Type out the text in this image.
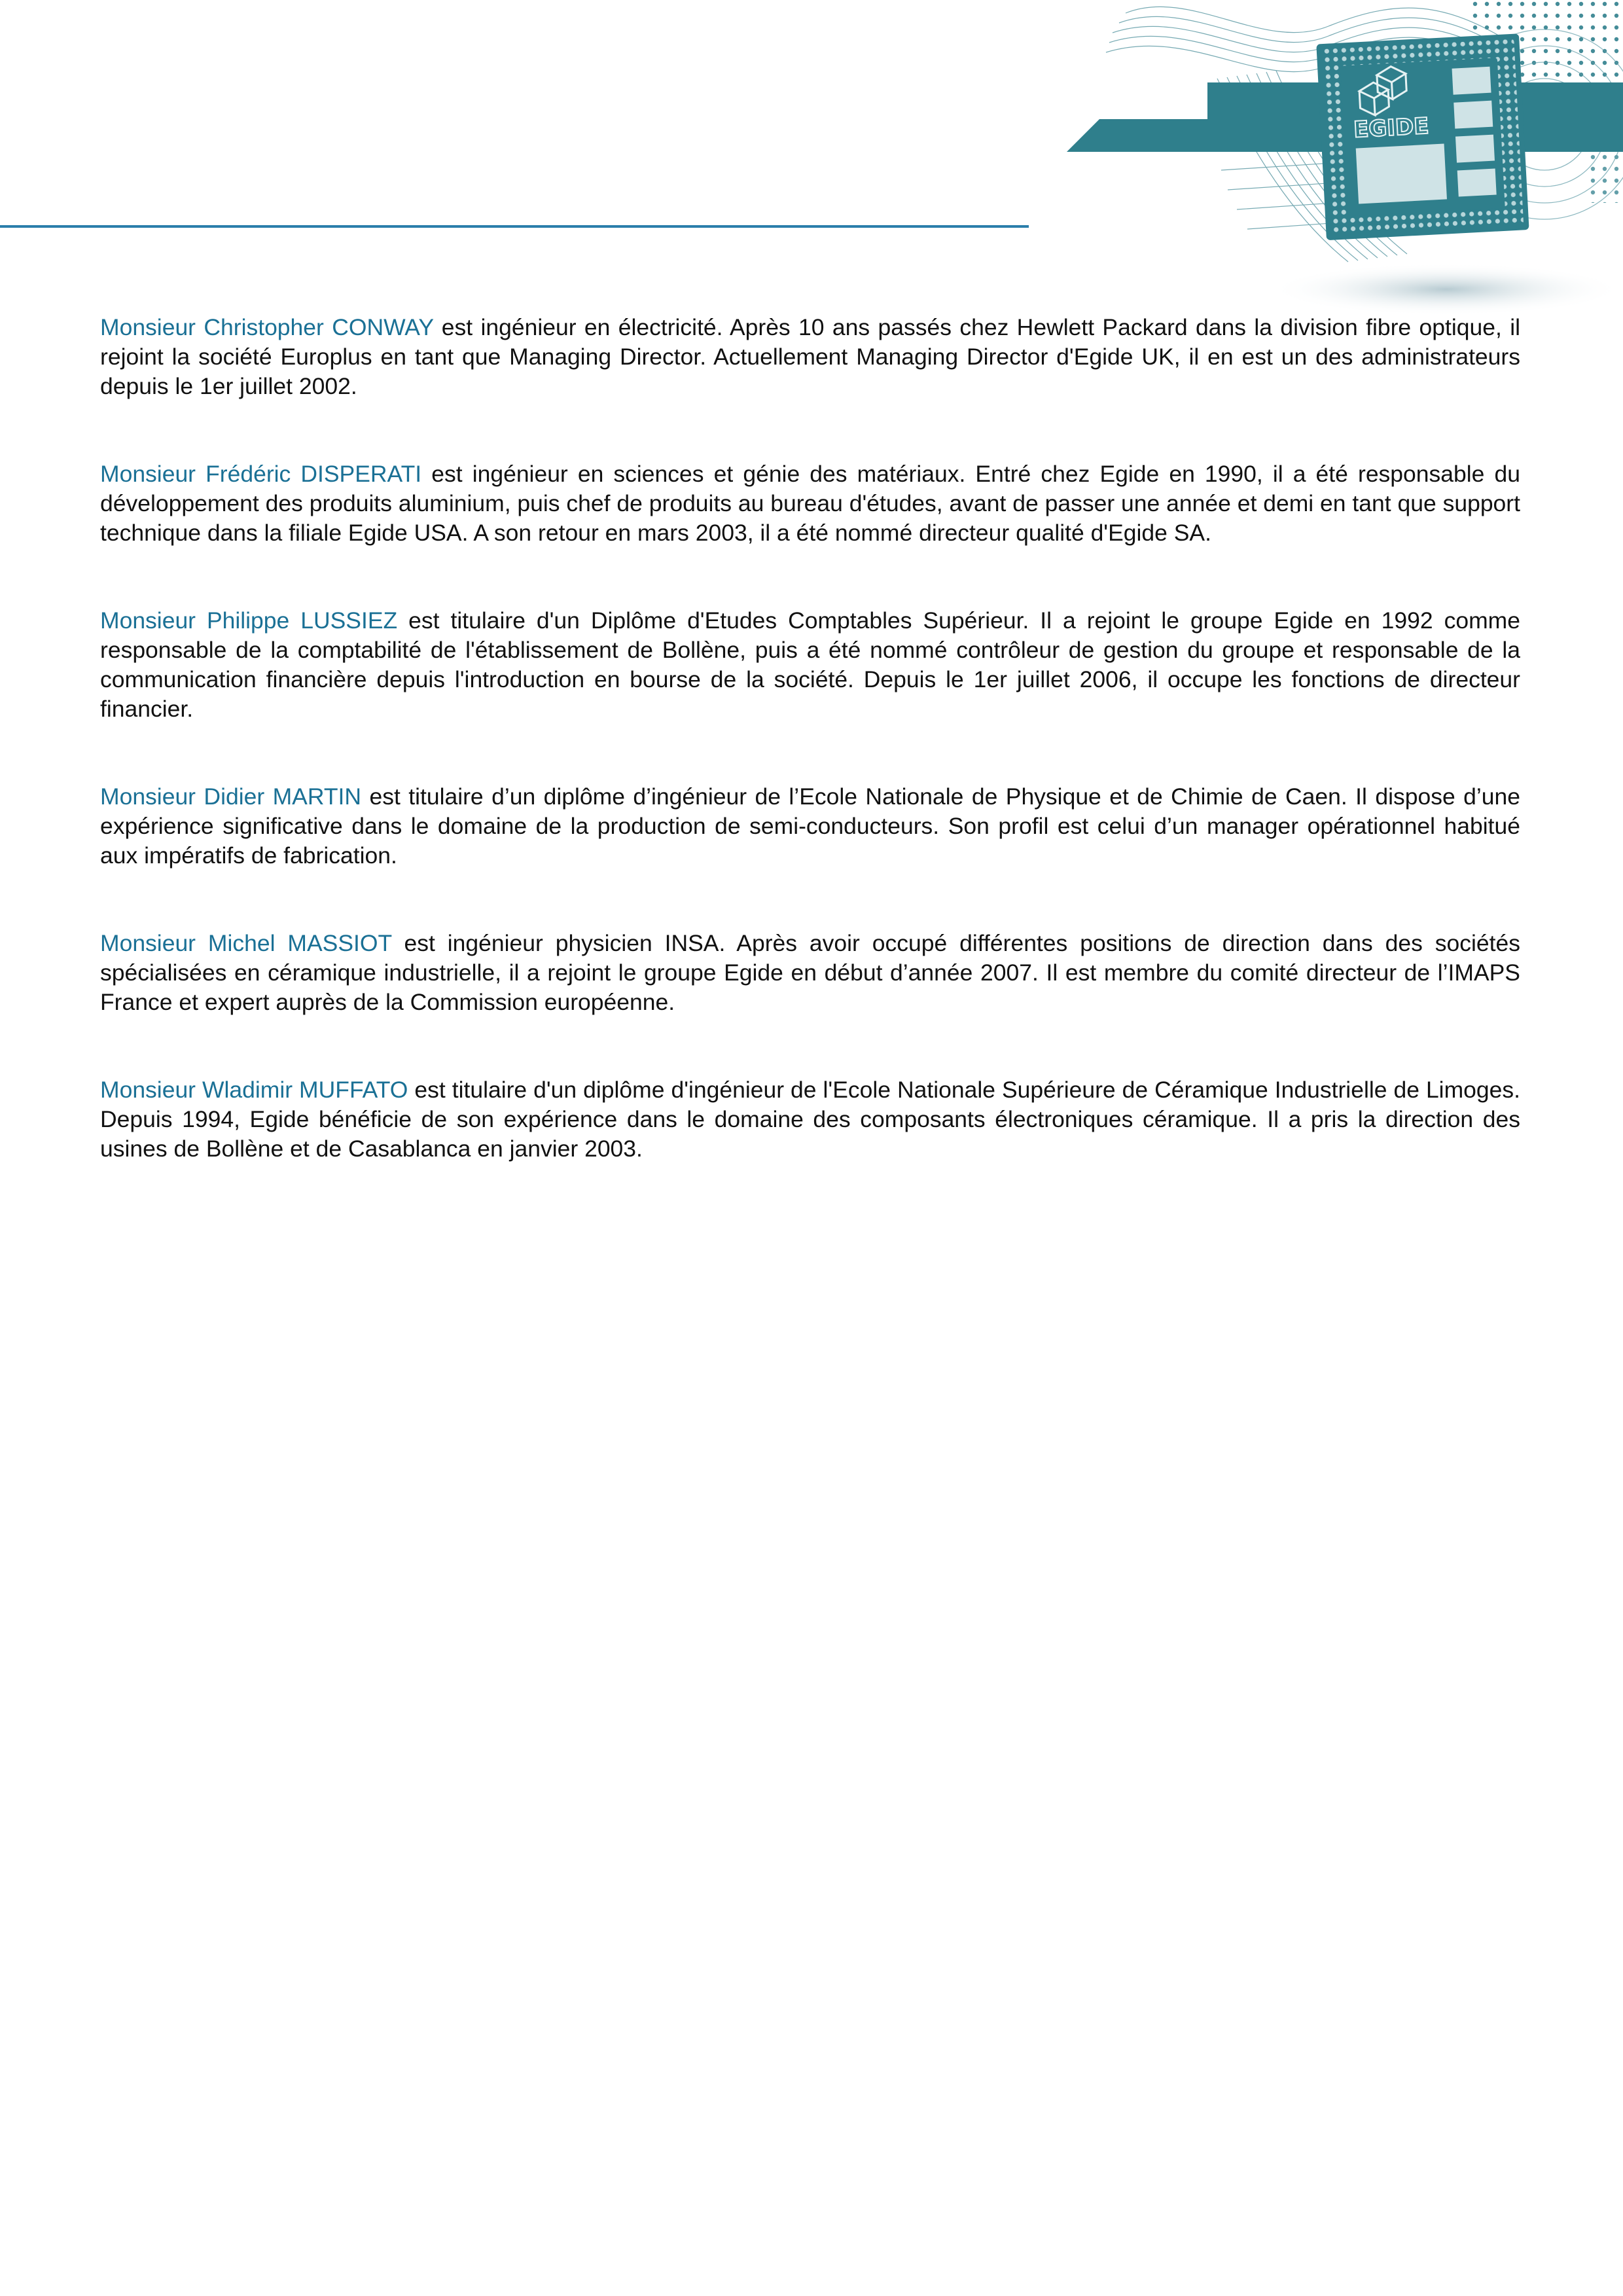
EGIDE

Monsieur Christopher CONWAY est ingénieur en électricité. Après 10 ans passés chez Hewlett Packard dans la division fibre optique, il rejoint la société Europlus en tant que Managing Director. Actuellement Managing Director d'Egide UK, il en est un des administrateurs depuis le 1er juillet 2002.

Monsieur Frédéric DISPERATI est ingénieur en sciences et génie des matériaux. Entré chez Egide en 1990, il a été responsable du développement des produits aluminium, puis chef de produits au bureau d'études, avant de passer une année et demi en tant que support technique dans la filiale Egide USA. A son retour en mars 2003, il a été nommé directeur qualité d'Egide SA.

Monsieur Philippe LUSSIEZ est titulaire d'un Diplôme d'Etudes Comptables Supérieur. Il a rejoint le groupe Egide en 1992 comme responsable de la comptabilité de l'établissement de Bollène, puis a été nommé contrôleur de gestion du groupe et responsable de la communication financière depuis l'introduction en bourse de la société. Depuis le 1er juillet 2006, il occupe les fonctions de directeur financier.

Monsieur Didier MARTIN est titulaire d’un diplôme d’ingénieur de l’Ecole Nationale de Physique et de Chimie de Caen. Il dispose d’une expérience significative dans le domaine de la production de semi-conducteurs. Son profil est celui d’un manager opérationnel habitué aux impératifs de fabrication.

Monsieur Michel MASSIOT est ingénieur physicien INSA. Après avoir occupé différentes positions de direction dans des sociétés spécialisées en céramique industrielle, il a rejoint le groupe Egide en début d’année 2007. Il est membre du comité directeur de l’IMAPS France et expert auprès de la Commission européenne.

Monsieur Wladimir MUFFATO est titulaire d'un diplôme d'ingénieur de l'Ecole Nationale Supérieure de Céramique Industrielle de Limoges. Depuis 1994, Egide bénéficie de son expérience dans le domaine des composants électroniques céramique. Il a pris la direction des usines de Bollène et de Casablanca en janvier 2003.
